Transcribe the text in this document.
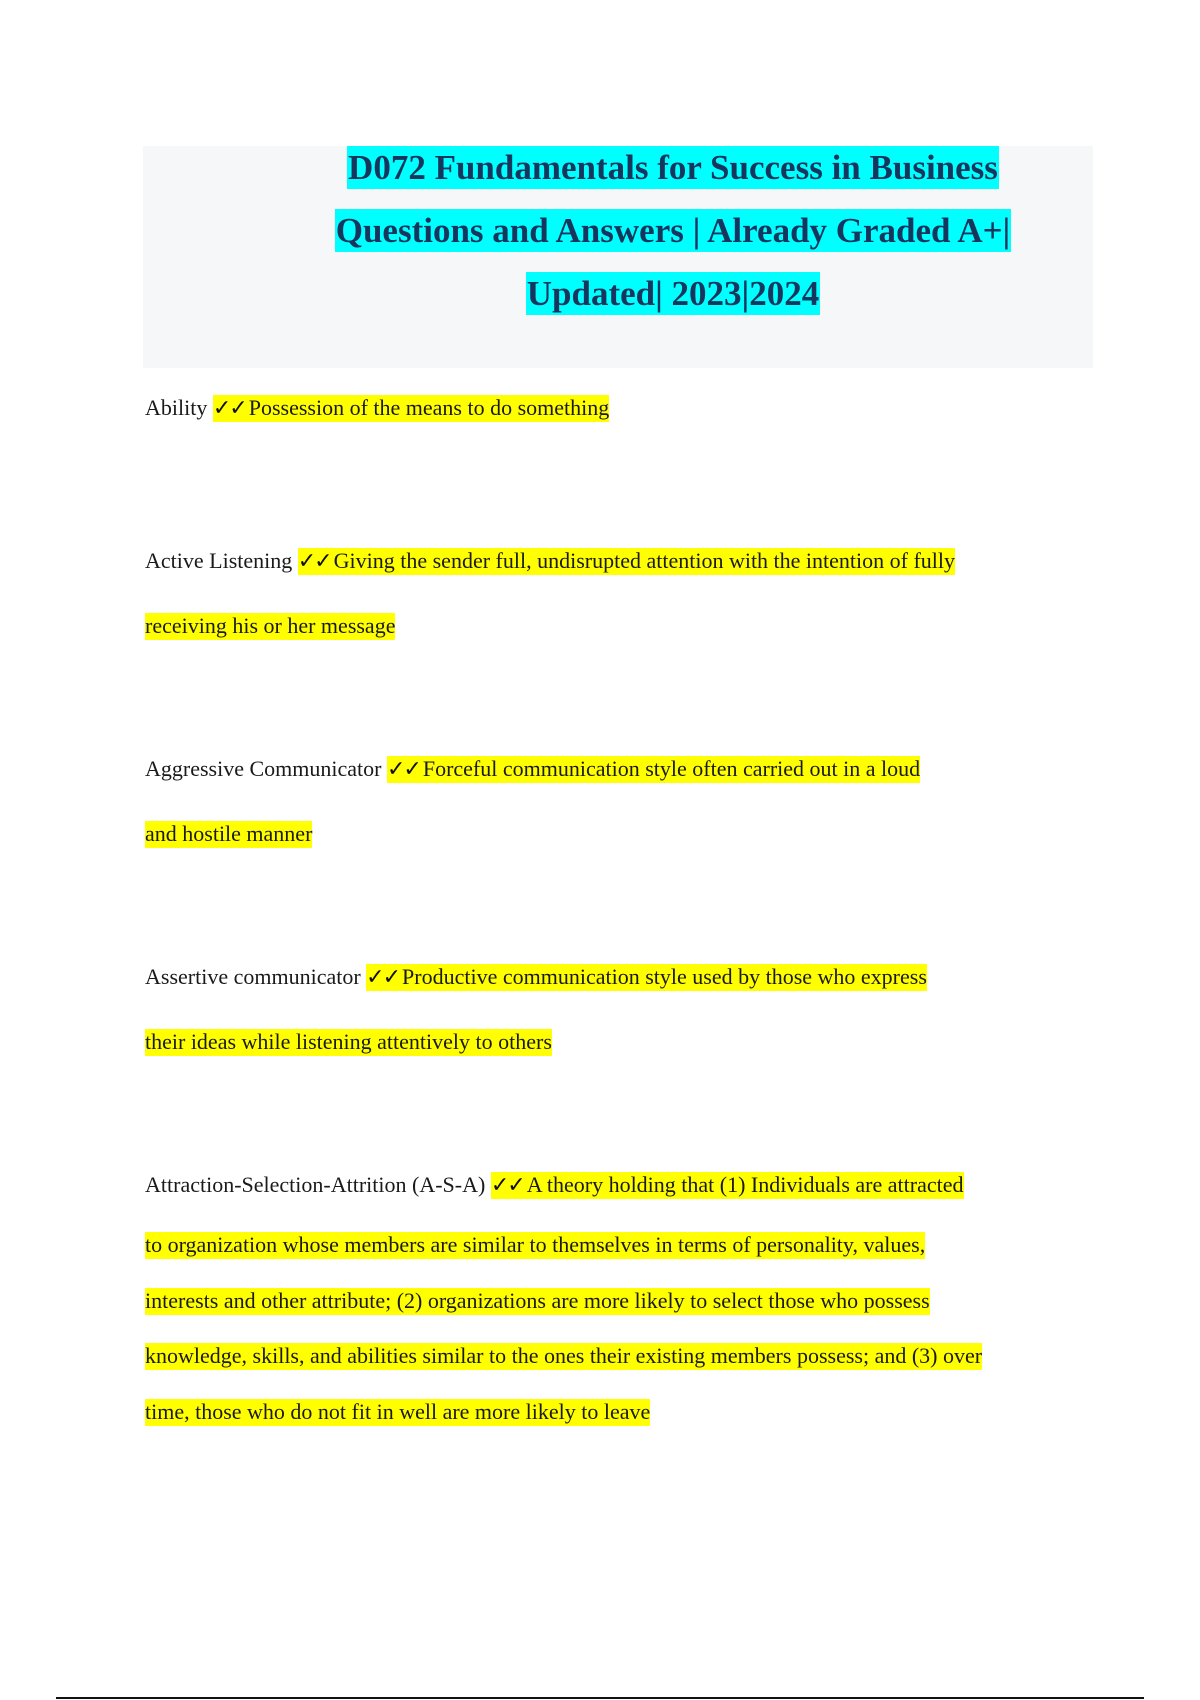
D072 Fundamentals for Success in Business
Questions and Answers | Already Graded A+|
Updated| 2023|2024
Ability ✓✓ Possession of the means to do something
Active Listening ✓✓ Giving the sender full, undisrupted attention with the intention of fully
receiving his or her message
Aggressive Communicator ✓✓ Forceful communication style often carried out in a loud
and hostile manner
Assertive communicator ✓✓ Productive communication style used by those who express
their ideas while listening attentively to others
Attraction-Selection-Attrition (A-S-A) ✓✓ A theory holding that (1) Individuals are attracted
to organization whose members are similar to themselves in terms of personality, values,
interests and other attribute; (2) organizations are more likely to select those who possess
knowledge, skills, and abilities similar to the ones their existing members possess; and (3) over
time, those who do not fit in well are more likely to leave
